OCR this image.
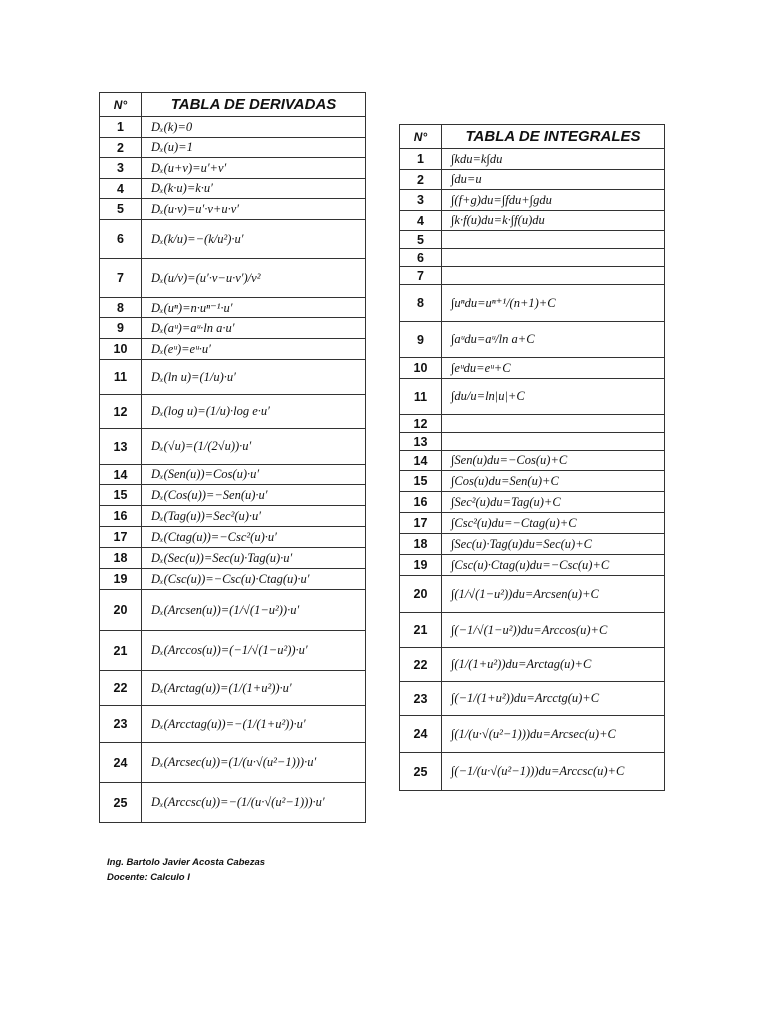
N°	TABLA DE DERIVADAS
1	Dₓ(k)=0
2	Dₓ(u)=1
3	Dₓ(u+v)=u′+v′
4	Dₓ(k·u)=k·u′
5	Dₓ(u·v)=u′·v+u·v′
6	Dₓ(k/u)=−(k/u²)·u′
7	Dₓ(u/v)=(u′·v−u·v′)/v²
8	Dₓ(uⁿ)=n·uⁿ⁻¹·u′
9	Dₓ(aᵘ)=aᵘ·ln a·u′
10	Dₓ(eᵘ)=eᵘ·u′
11	Dₓ(ln u)=(1/u)·u′
12	Dₓ(log u)=(1/u)·log e·u′
13	Dₓ(√u)=(1/(2√u))·u′
14	Dₓ(Sen(u))=Cos(u)·u′
15	Dₓ(Cos(u))=−Sen(u)·u′
16	Dₓ(Tag(u))=Sec²(u)·u′
17	Dₓ(Ctag(u))=−Csc²(u)·u′
18	Dₓ(Sec(u))=Sec(u)·Tag(u)·u′
19	Dₓ(Csc(u))=−Csc(u)·Ctag(u)·u′
20	Dₓ(Arcsen(u))=(1/√(1−u²))·u′
21	Dₓ(Arccos(u))=(−1/√(1−u²))·u′
22	Dₓ(Arctag(u))=(1/(1+u²))·u′
23	Dₓ(Arcctag(u))=−(1/(1+u²))·u′
24	Dₓ(Arcsec(u))=(1/(u·√(u²−1)))·u′
25	Dₓ(Arccsc(u))=−(1/(u·√(u²−1)))·u′
N°	TABLA DE INTEGRALES
1	∫kdu=k∫du
2	∫du=u
3	∫(f+g)du=∫fdu+∫gdu
4	∫k·f(u)du=k·∫f(u)du
5	
6	
7	
8	∫uⁿdu=uⁿ⁺¹/(n+1)+C
9	∫aᵘdu=aᵘ/ln a+C
10	∫eᵘdu=eᵘ+C
11	∫du/u=ln|u|+C
12	
13	
14	∫Sen(u)du=−Cos(u)+C
15	∫Cos(u)du=Sen(u)+C
16	∫Sec²(u)du=Tag(u)+C
17	∫Csc²(u)du=−Ctag(u)+C
18	∫Sec(u)·Tag(u)du=Sec(u)+C
19	∫Csc(u)·Ctag(u)du=−Csc(u)+C
20	∫(1/√(1−u²))du=Arcsen(u)+C
21	∫(−1/√(1−u²))du=Arccos(u)+C
22	∫(1/(1+u²))du=Arctag(u)+C
23	∫(−1/(1+u²))du=Arcctg(u)+C
24	∫(1/(u·√(u²−1)))du=Arcsec(u)+C
25	∫(−1/(u·√(u²−1)))du=Arccsc(u)+C
Ing. Bartolo Javier Acosta Cabezas
Docente: Calculo I
